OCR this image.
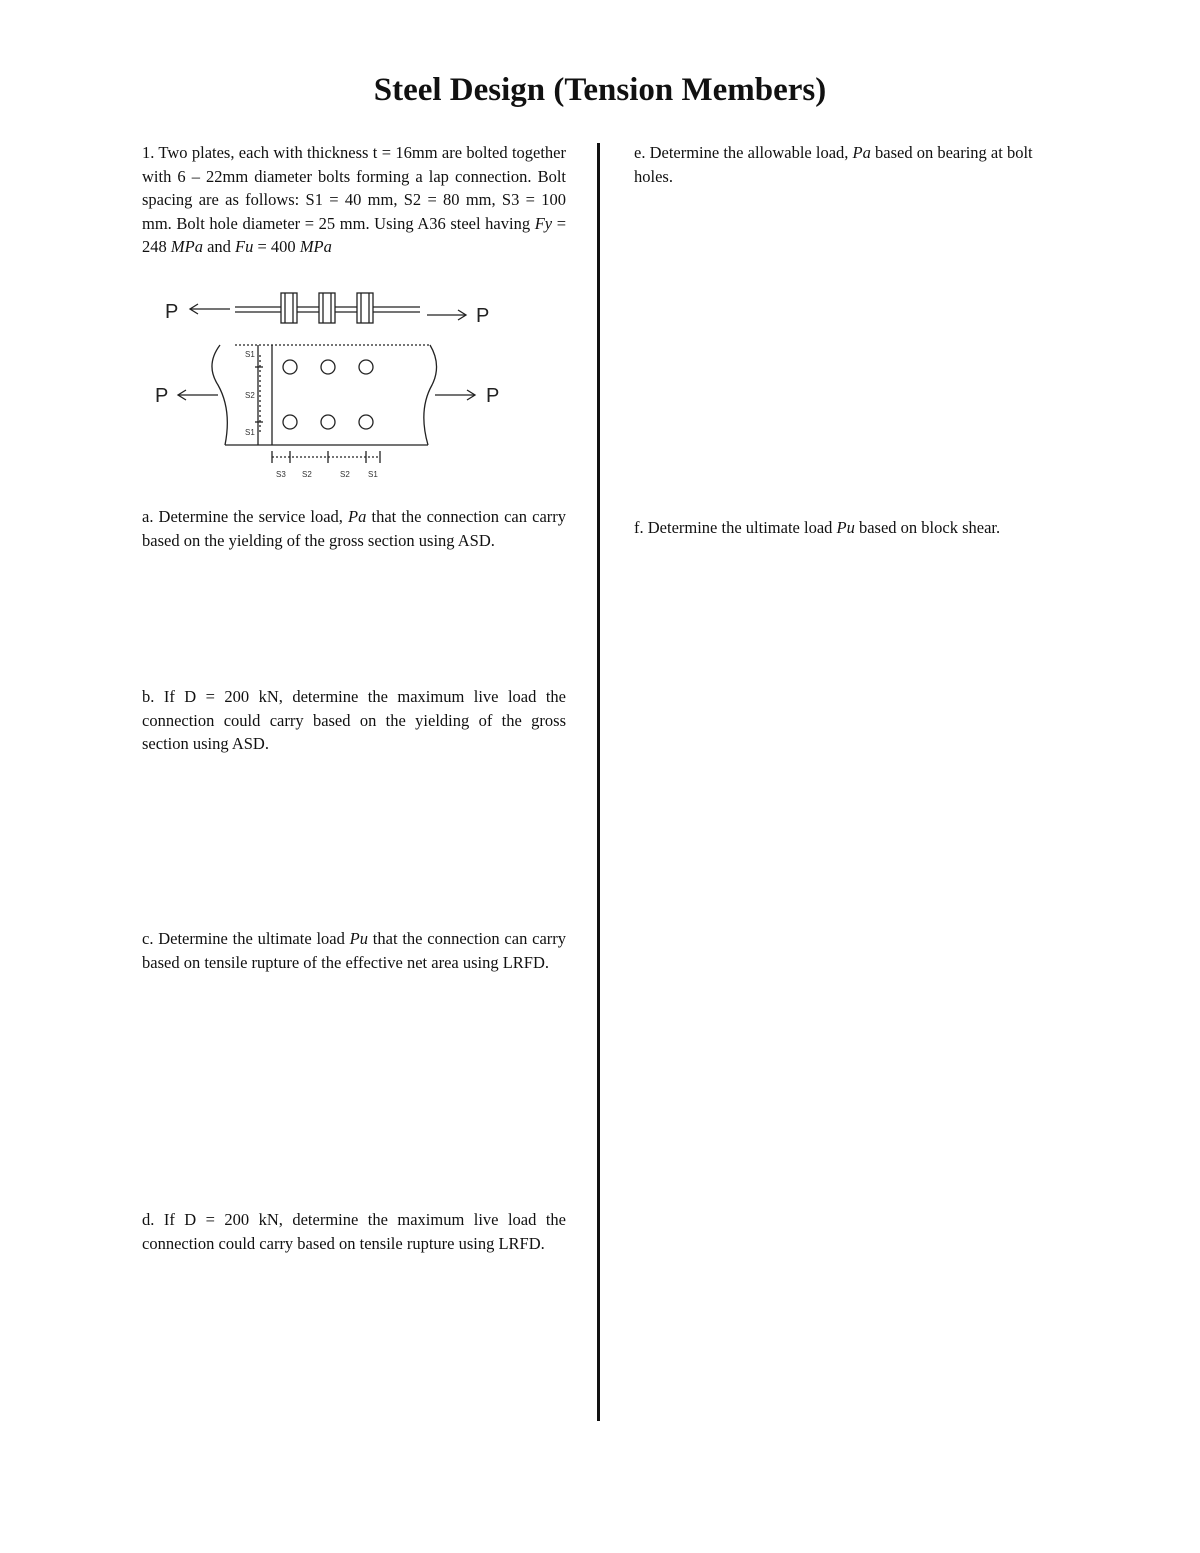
Steel Design (Tension Members)

1. Two plates, each with thickness t = 16mm are bolted together with 6 – 22mm diameter bolts forming a lap connection. Bolt spacing are as follows: S1 = 40 mm, S2 = 80 mm, S3 = 100 mm. Bolt hole diameter = 25 mm. Using A36 steel having Fy = 248 MPa and Fu = 400 MPa

P	P
P	P
S1
S2
S1
S3 S2	S2 S1

a. Determine the service load, Pa that the connection can carry based on the yielding of the gross section using ASD.

b. If D = 200 kN, determine the maximum live load the connection could carry based on the yielding of the gross section using ASD.

c. Determine the ultimate load Pu that the connection can carry based on tensile rupture of the effective net area using LRFD.

d. If D = 200 kN, determine the maximum live load the connection could carry based on tensile rupture using LRFD.

e. Determine the allowable load, Pa based on bearing at bolt holes.

f. Determine the ultimate load Pu based on block shear.
